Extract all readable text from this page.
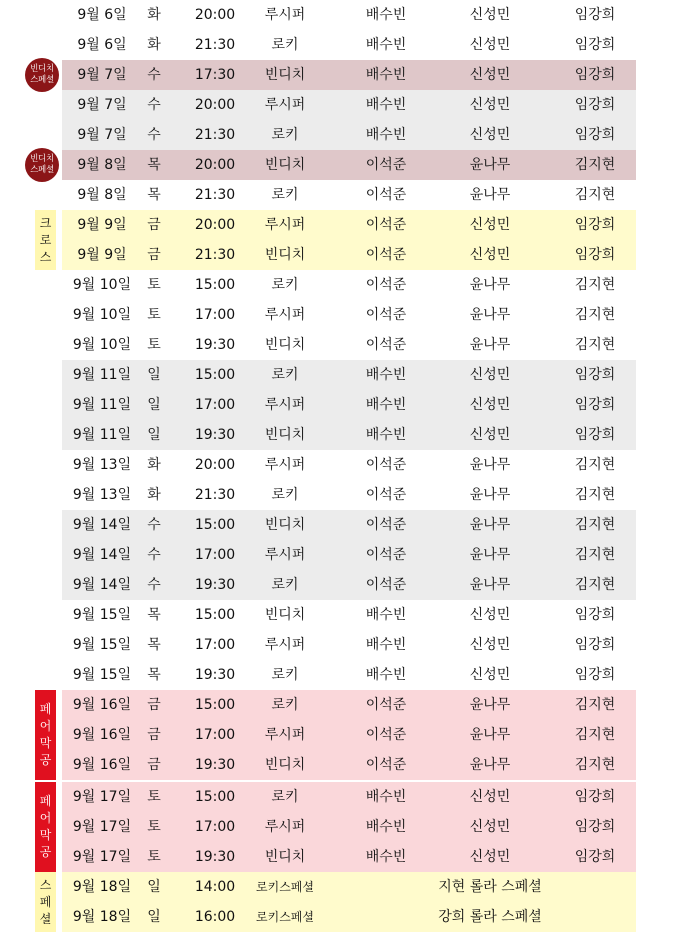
9월 6일 화 20:00 루시퍼	배수빈	신성민	임강희
9월 6일 화 21:30	로키	배수빈	신성민	임강희
9월 7일 수 17:30 빈디치	배수빈	신성민	임강희
9월 7일 수 20:00 루시퍼	배수빈	신성민	임강희
9월 7일 수 21:30	로키	배수빈	신성민	임강희
9월 8일 목 20:00 빈디치	이석준	윤나무	김지현
9월 8일 목 21:30	로키	이석준	윤나무	김지현
9월 9일 금 20:00 루시퍼	이석준	신성민	임강희
9월 9일 금 21:30 빈디치	이석준	신성민	임강희
9월 10일 토 15:00	로키	이석준	윤나무	김지현
9월 10일 토 17:00 루시퍼	이석준	윤나무	김지현
9월 10일 토 19:30 빈디치	이석준	윤나무	김지현
9월 11일 일 15:00	로키	배수빈	신성민	임강희
9월 11일 일 17:00 루시퍼	배수빈	신성민	임강희
9월 11일 일 19:30 빈디치	배수빈	신성민	임강희
9월 13일 화 20:00 루시퍼	이석준	윤나무	김지현
9월 13일 화 21:30	로키	이석준	윤나무	김지현
9월 14일 수 15:00 빈디치	이석준	윤나무	김지현
9월 14일 수 17:00 루시퍼	이석준	윤나무	김지현
9월 14일 수 19:30	로키	이석준	윤나무	김지현
9월 15일 목 15:00 빈디치	배수빈	신성민	임강희
9월 15일 목 17:00 루시퍼	배수빈	신성민	임강희
9월 15일 목 19:30	로키	배수빈	신성민	임강희
9월 16일 금 15:00	로키	이석준	윤나무	김지현
9월 16일 금 17:00 루시퍼	이석준	윤나무	김지현
9월 16일 금 19:30 빈디치	이석준	윤나무	김지현
9월 17일 토 15:00	로키	배수빈	신성민	임강희
9월 17일 토 17:00 루시퍼	배수빈	신성민	임강희
9월 17일 토 19:30 빈디치	배수빈	신성민	임강희
9월 18일 일 14:00 로키스페셜	지현 롤라 스페셜
9월 18일 일 16:00 로키스페셜	강희 롤라 스페셜
빈디치
스페셜
빈디치
스페셜
크
로
스
페
어
막
공
페
어
막
공
스
페
셜
